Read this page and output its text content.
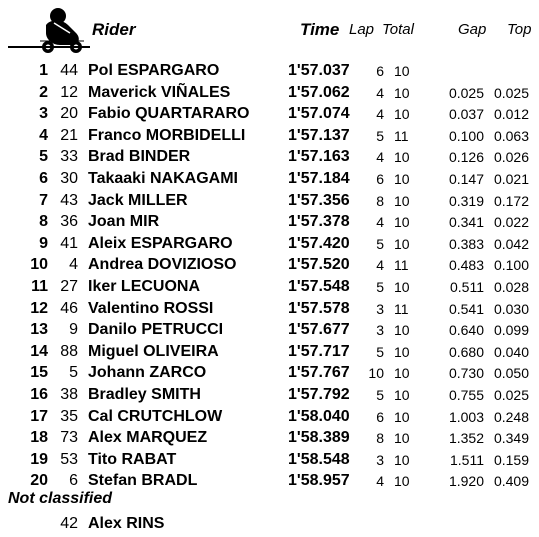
Rider	Time Lap Total	Gap Top
1 44 Pol ESPARGARO	1'57.037	6 10
2 12 Maverick VIÑALES	1'57.062	4 10	0.025 0.025
3 20 Fabio QUARTARARO 1'57.074	4 10	0.037 0.012
4 21 Franco MORBIDELLI	1'57.137	5 11	0.100 0.063
5 33 Brad BINDER	1'57.163	4 10	0.126 0.026
6 30 Takaaki NAKAGAMI	1'57.184	6 10	0.147 0.021
7 43 Jack MILLER	1'57.356	8 10	0.319 0.172
8 36 Joan MIR	1'57.378	4 10	0.341 0.022
9 41 Aleix ESPARGARO	1'57.420	5 10	0.383 0.042
10	4 Andrea DOVIZIOSO	1'57.520	4 11	0.483 0.100
11 27 Iker LECUONA	1'57.548	5 10	0.511 0.028
12 46 Valentino ROSSI	1'57.578	3 11	0.541 0.030
13	9 Danilo PETRUCCI	1'57.677	3 10	0.640 0.099
14 88 Miguel OLIVEIRA	1'57.717	5 10	0.680 0.040
15	5 Johann ZARCO	1'57.767 10 10	0.730 0.050
16 38 Bradley SMITH	1'57.792	5 10	0.755 0.025
17 35 Cal CRUTCHLOW	1'58.040	6 10	1.003 0.248
18 73 Alex MARQUEZ	1'58.389	8 10	1.352 0.349
19 53 Tito RABAT	1'58.548	3 10	1.511 0.159
20	6 Stefan BRADL	1'58.957	4 10	1.920 0.409
Not classified
42 Alex RINS
